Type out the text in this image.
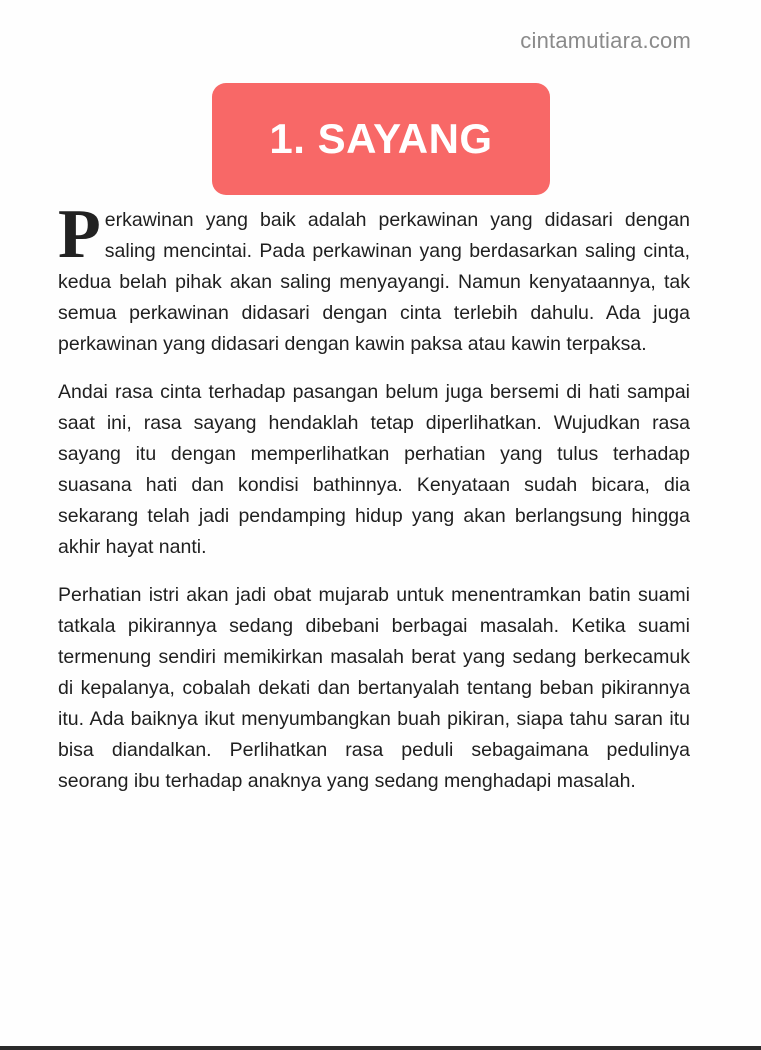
cintamutiara.com
1. SAYANG

Perkawinan yang baik adalah perkawinan yang didasari dengan saling mencintai. Pada perkawinan yang berdasarkan saling cinta, kedua belah pihak akan saling menyayangi. Namun kenyataannya, tak semua perkawinan didasari dengan cinta terlebih dahulu. Ada juga perkawinan yang didasari dengan kawin paksa atau kawin terpaksa.

Andai rasa cinta terhadap pasangan belum juga bersemi di hati sampai saat ini, rasa sayang hendaklah tetap diperlihatkan. Wujudkan rasa sayang itu dengan memperlihatkan perhatian yang tulus terhadap suasana hati dan kondisi bathinnya. Kenyataan sudah bicara, dia sekarang telah jadi pendamping hidup yang akan berlangsung hingga akhir hayat nanti.

Perhatian istri akan jadi obat mujarab untuk menentramkan batin suami tatkala pikirannya sedang dibebani berbagai masalah. Ketika suami termenung sendiri memikirkan masalah berat yang sedang berkecamuk di kepalanya, cobalah dekati dan bertanyalah tentang beban pikirannya itu. Ada baiknya ikut menyumbangkan buah pikiran, siapa tahu saran itu bisa diandalkan. Perlihatkan rasa peduli sebagaimana pedulinya seorang ibu terhadap anaknya yang sedang menghadapi masalah.
